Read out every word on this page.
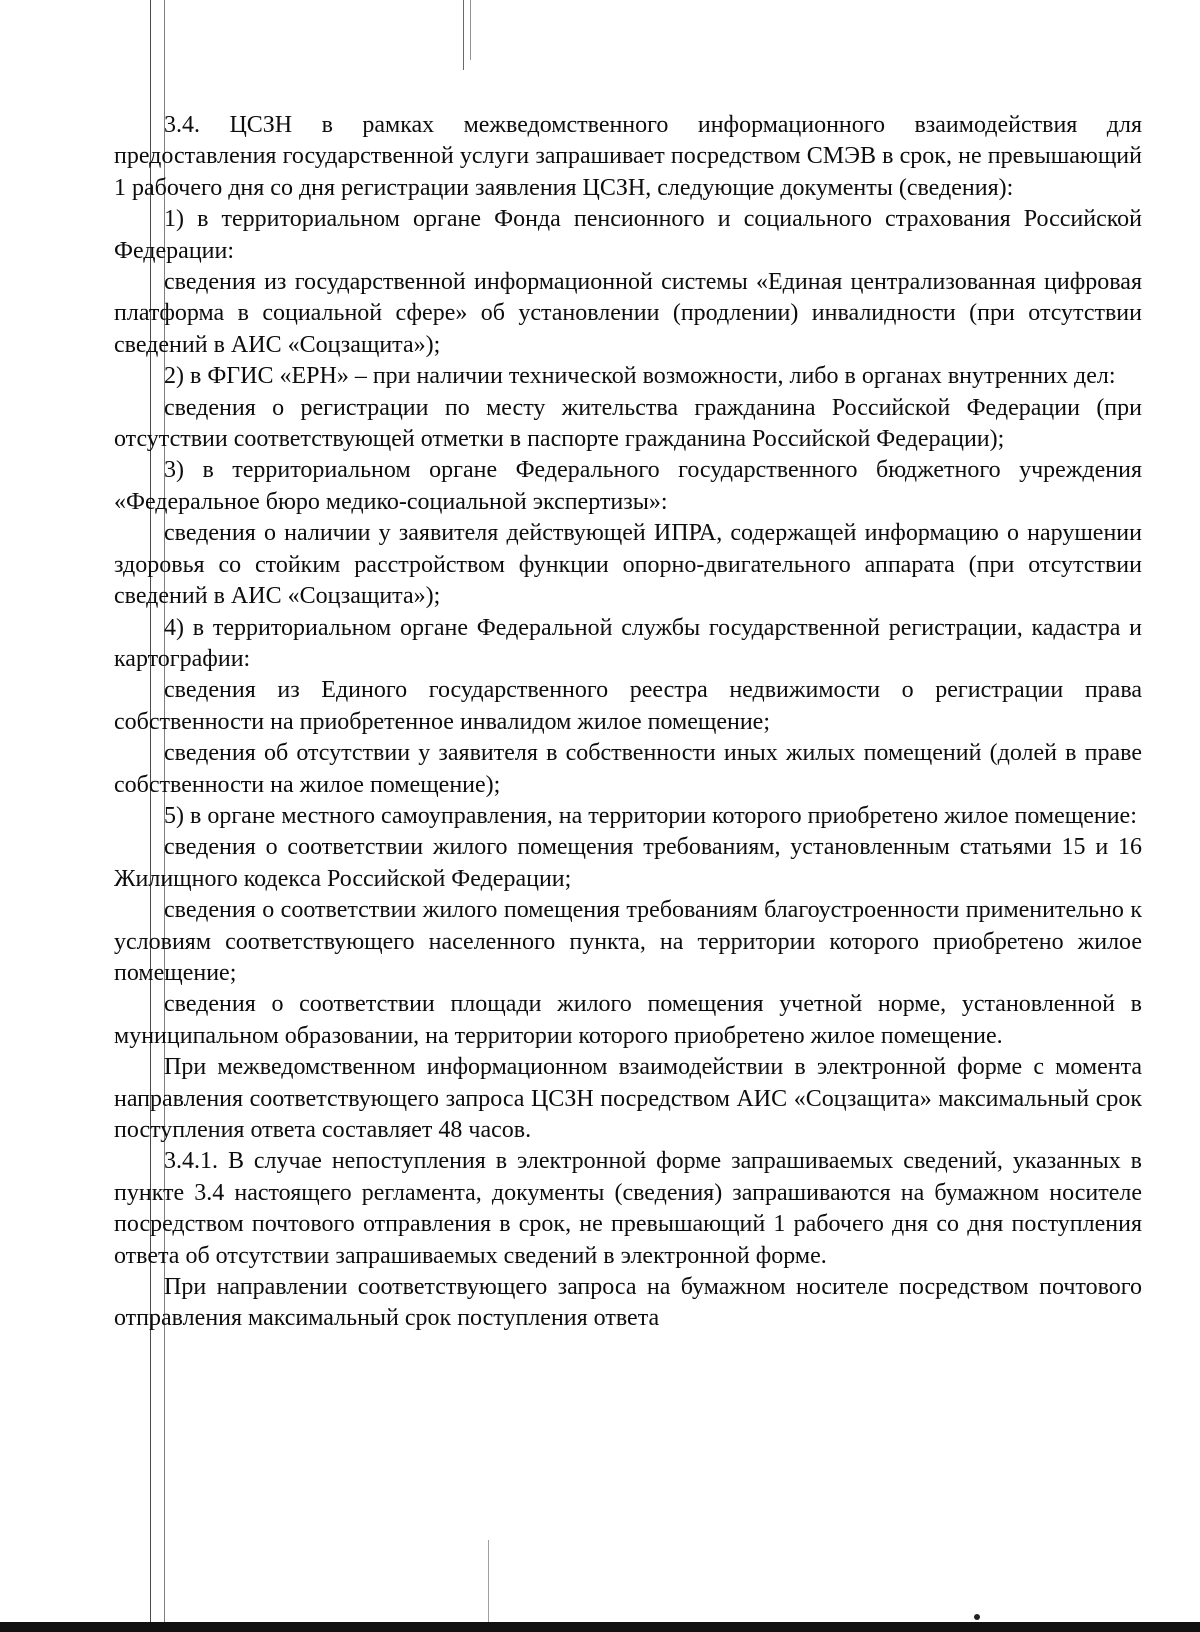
3.4. ЦСЗН в рамках межведомственного информационного взаимодействия для предоставления государственной услуги запрашивает посредством СМЭВ в срок, не превышающий 1 рабочего дня со дня регистрации заявления ЦСЗН, следующие документы (сведения):

1) в территориальном органе Фонда пенсионного и социального страхования Российской Федерации:

сведения из государственной информационной системы «Единая централизованная цифровая платформа в социальной сфере» об установлении (продлении) инвалидности (при отсутствии сведений в АИС «Соцзащита»);

2) в ФГИС «ЕРН» – при наличии технической возможности, либо в органах внутренних дел:

сведения о регистрации по месту жительства гражданина Российской Федерации (при отсутствии соответствующей отметки в паспорте гражданина Российской Федерации);

3) в территориальном органе Федерального государственного бюджетного учреждения «Федеральное бюро медико-социальной экспертизы»:

сведения о наличии у заявителя действующей ИПРА, содержащей информацию о нарушении здоровья со стойким расстройством функции опорно-двигательного аппарата (при отсутствии сведений в АИС «Соцзащита»);

4) в территориальном органе Федеральной службы государственной регистрации, кадастра и картографии:

сведения из Единого государственного реестра недвижимости о регистрации права собственности на приобретенное инвалидом жилое помещение;

сведения об отсутствии у заявителя в собственности иных жилых помещений (долей в праве собственности на жилое помещение);

5) в органе местного самоуправления, на территории которого приобретено жилое помещение:

сведения о соответствии жилого помещения требованиям, установленным статьями 15 и 16 Жилищного кодекса Российской Федерации;

сведения о соответствии жилого помещения требованиям благоустроенности применительно к условиям соответствующего населенного пункта, на территории которого приобретено жилое помещение;

сведения о соответствии площади жилого помещения учетной норме, установленной в муниципальном образовании, на территории которого приобретено жилое помещение.

При межведомственном информационном взаимодействии в электронной форме с момента направления соответствующего запроса ЦСЗН посредством АИС «Соцзащита» максимальный срок поступления ответа составляет 48 часов.

3.4.1. В случае непоступления в электронной форме запрашиваемых сведений, указанных в пункте 3.4 настоящего регламента, документы (сведения) запрашиваются на бумажном носителе посредством почтового отправления в срок, не превышающий 1 рабочего дня со дня поступления ответа об отсутствии запрашиваемых сведений в электронной форме.

При направлении соответствующего запроса на бумажном носителе посредством почтового отправления максимальный срок поступления ответа
